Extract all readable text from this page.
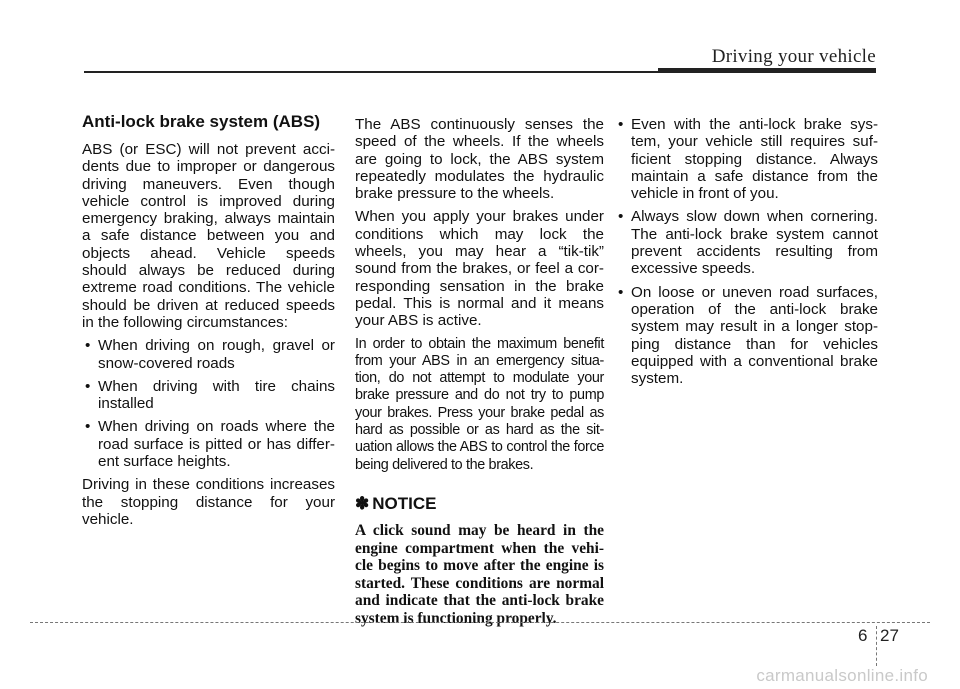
Driving your vehicle
Anti-lock brake system (ABS)

ABS (or ESC) will not prevent acci-dents due to improper or dangerous driving maneuvers. Even though vehicle control is improved during emergency braking, always maintain a safe distance between you and objects ahead. Vehicle speeds should always be reduced during extreme road conditions. The vehicle should be driven at reduced speeds in the following circumstances:

• When driving on rough, gravel or snow-covered roads
• When driving with tire chains installed
• When driving on roads where the road surface is pitted or has differ-ent surface heights.

Driving in these conditions increases the stopping distance for your vehicle.

The ABS continuously senses the speed of the wheels. If the wheels are going to lock, the ABS system repeatedly modulates the hydraulic brake pressure to the wheels.

When you apply your brakes under conditions which may lock the wheels, you may hear a “tik-tik” sound from the brakes, or feel a cor-responding sensation in the brake pedal. This is normal and it means your ABS is active.

In order to obtain the maximum benefit from your ABS in an emergency situa-tion, do not attempt to modulate your brake pressure and do not try to pump your brakes. Press your brake pedal as hard as possible or as hard as the sit-uation allows the ABS to control the force being delivered to the brakes.

✽ NOTICE
A click sound may be heard in the engine compartment when the vehi-cle begins to move after the engine is started. These conditions are normal and indicate that the anti-lock brake system is functioning properly.
• Even with the anti-lock brake sys-tem, your vehicle still requires suf-ficient stopping distance. Always maintain a safe distance from the vehicle in front of you.
• Always slow down when cornering. The anti-lock brake system cannot prevent accidents resulting from excessive speeds.
• On loose or uneven road surfaces, operation of the anti-lock brake system may result in a longer stop-ping distance than for vehicles equipped with a conventional brake system.
6 27
carmanualsonline.info
